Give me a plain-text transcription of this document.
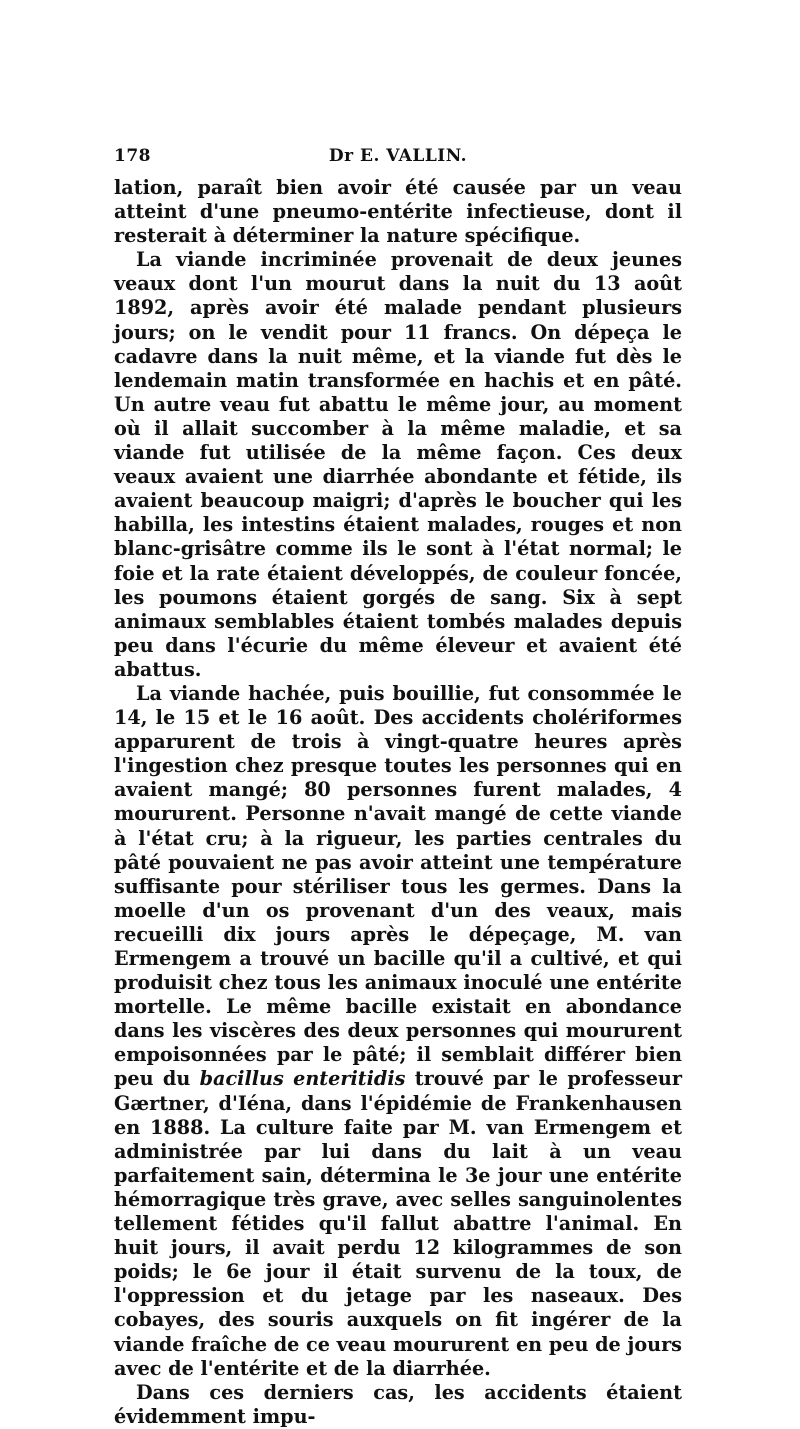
178	Dr E. VALLIN.

lation, paraît bien avoir été causée par un veau atteint d'une pneumo-entérite infectieuse, dont il resterait à déterminer la nature spécifique.

La viande incriminée provenait de deux jeunes veaux dont l'un mourut dans la nuit du 13 août 1892, après avoir été malade pendant plusieurs jours; on le vendit pour 11 francs. On dépeça le cadavre dans la nuit même, et la viande fut dès le lendemain matin transformée en hachis et en pâté. Un autre veau fut abattu le même jour, au moment où il allait succomber à la même maladie, et sa viande fut utilisée de la même façon. Ces deux veaux avaient une diarrhée abondante et fétide, ils avaient beaucoup maigri; d'après le boucher qui les habilla, les intestins étaient malades, rouges et non blanc-grisâtre comme ils le sont à l'état normal; le foie et la rate étaient développés, de couleur foncée, les poumons étaient gorgés de sang. Six à sept animaux semblables étaient tombés malades depuis peu dans l'écurie du même éleveur et avaient été abattus.

La viande hachée, puis bouillie, fut consommée le 14, le 15 et le 16 août. Des accidents cholériformes apparurent de trois à vingt-quatre heures après l'ingestion chez presque toutes les personnes qui en avaient mangé; 80 personnes furent malades, 4 moururent. Personne n'avait mangé de cette viande à l'état cru; à la rigueur, les parties centrales du pâté pouvaient ne pas avoir atteint une température suffisante pour stériliser tous les germes. Dans la moelle d'un os provenant d'un des veaux, mais recueilli dix jours après le dépeçage, M. van Ermengem a trouvé un bacille qu'il a cultivé, et qui produisit chez tous les animaux inoculé une entérite mortelle. Le même bacille existait en abondance dans les viscères des deux personnes qui moururent empoisonnées par le pâté; il semblait différer bien peu du bacillus enteritidis trouvé par le professeur Gærtner, d'Iéna, dans l'épidémie de Frankenhausen en 1888. La culture faite par M. van Ermengem et administrée par lui dans du lait à un veau parfaitement sain, détermina le 3e jour une entérite hémorragique très grave, avec selles sanguinolentes tellement fétides qu'il fallut abattre l'animal. En huit jours, il avait perdu 12 kilogrammes de son poids; le 6e jour il était survenu de la toux, de l'oppression et du jetage par les naseaux. Des cobayes, des souris auxquels on fit ingérer de la viande fraîche de ce veau moururent en peu de jours avec de l'entérite et de la diarrhée.

Dans ces derniers cas, les accidents étaient évidemment impu-
